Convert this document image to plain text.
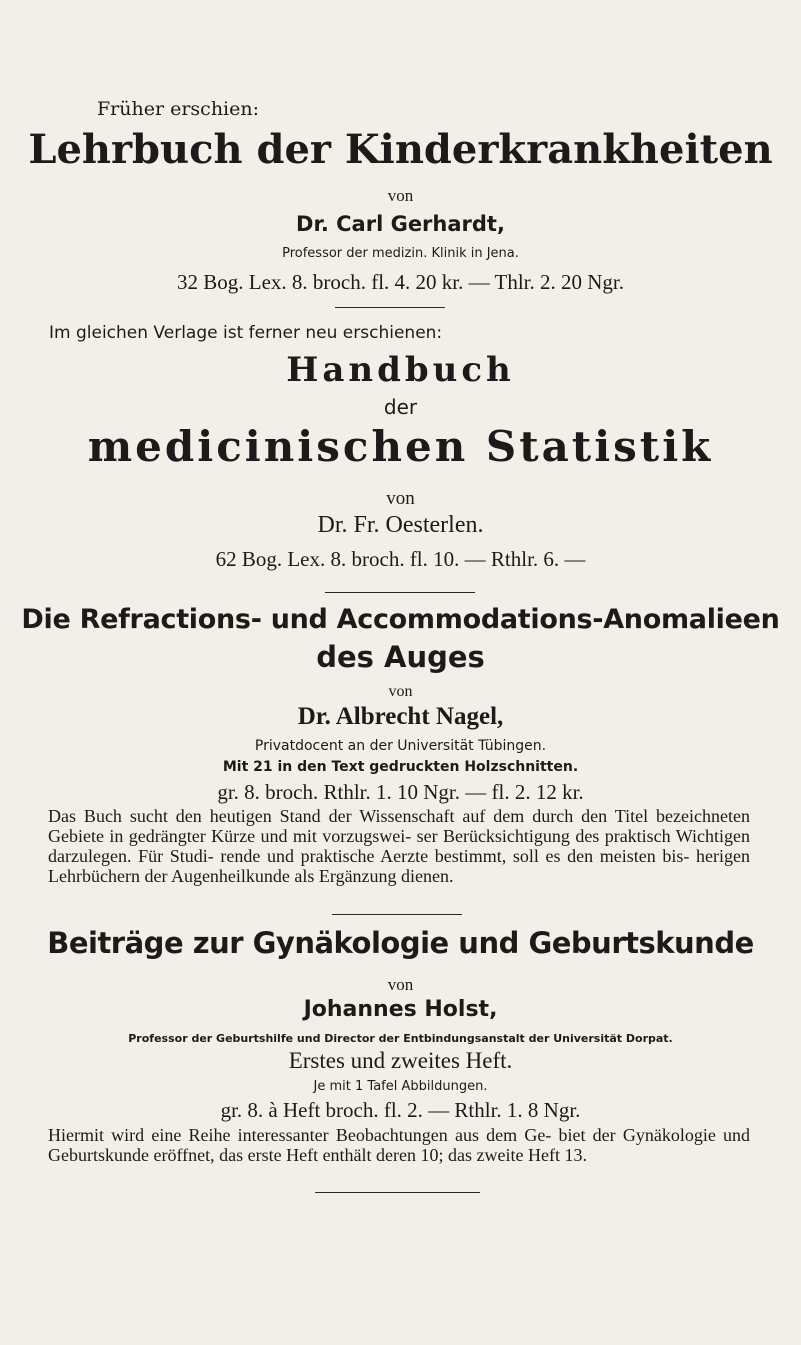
Früher erschien:
Lehrbuch der Kinderkrankheiten
von
Dr. Carl Gerhardt,
Professor der medizin. Klinik in Jena.
32 Bog. Lex. 8. broch. fl. 4. 20 kr. — Thlr. 2. 20 Ngr.
Im gleichen Verlage ist ferner neu erschienen:
Handbuch
der
medicinischen Statistik
von
Dr. Fr. Oesterlen.
62 Bog. Lex. 8. broch. fl. 10. — Rthlr. 6. —
Die Refractions- und Accommodations-Anomalieen
des Auges
von
Dr. Albrecht Nagel,
Privatdocent an der Universität Tübingen.
Mit 21 in den Text gedruckten Holzschnitten.
gr. 8. broch. Rthlr. 1. 10 Ngr. — fl. 2. 12 kr.
Das Buch sucht den heutigen Stand der Wissenschaft auf dem durch den Titel bezeichneten Gebiete in gedrängter Kürze und mit vorzugswei- ser Berücksichtigung des praktisch Wichtigen darzulegen. Für Studi- rende und praktische Aerzte bestimmt, soll es den meisten bis- herigen Lehrbüchern der Augenheilkunde als Ergänzung dienen.
Beiträge zur Gynäkologie und Geburtskunde
von
Johannes Holst,
Professor der Geburtshilfe und Director der Entbindungsanstalt der Universität Dorpat.
Erstes und zweites Heft.
Je mit 1 Tafel Abbildungen.
gr. 8. à Heft broch. fl. 2. — Rthlr. 1. 8 Ngr.
Hiermit wird eine Reihe interessanter Beobachtungen aus dem Ge- biet der Gynäkologie und Geburtskunde eröffnet, das erste Heft enthält deren 10; das zweite Heft 13.
